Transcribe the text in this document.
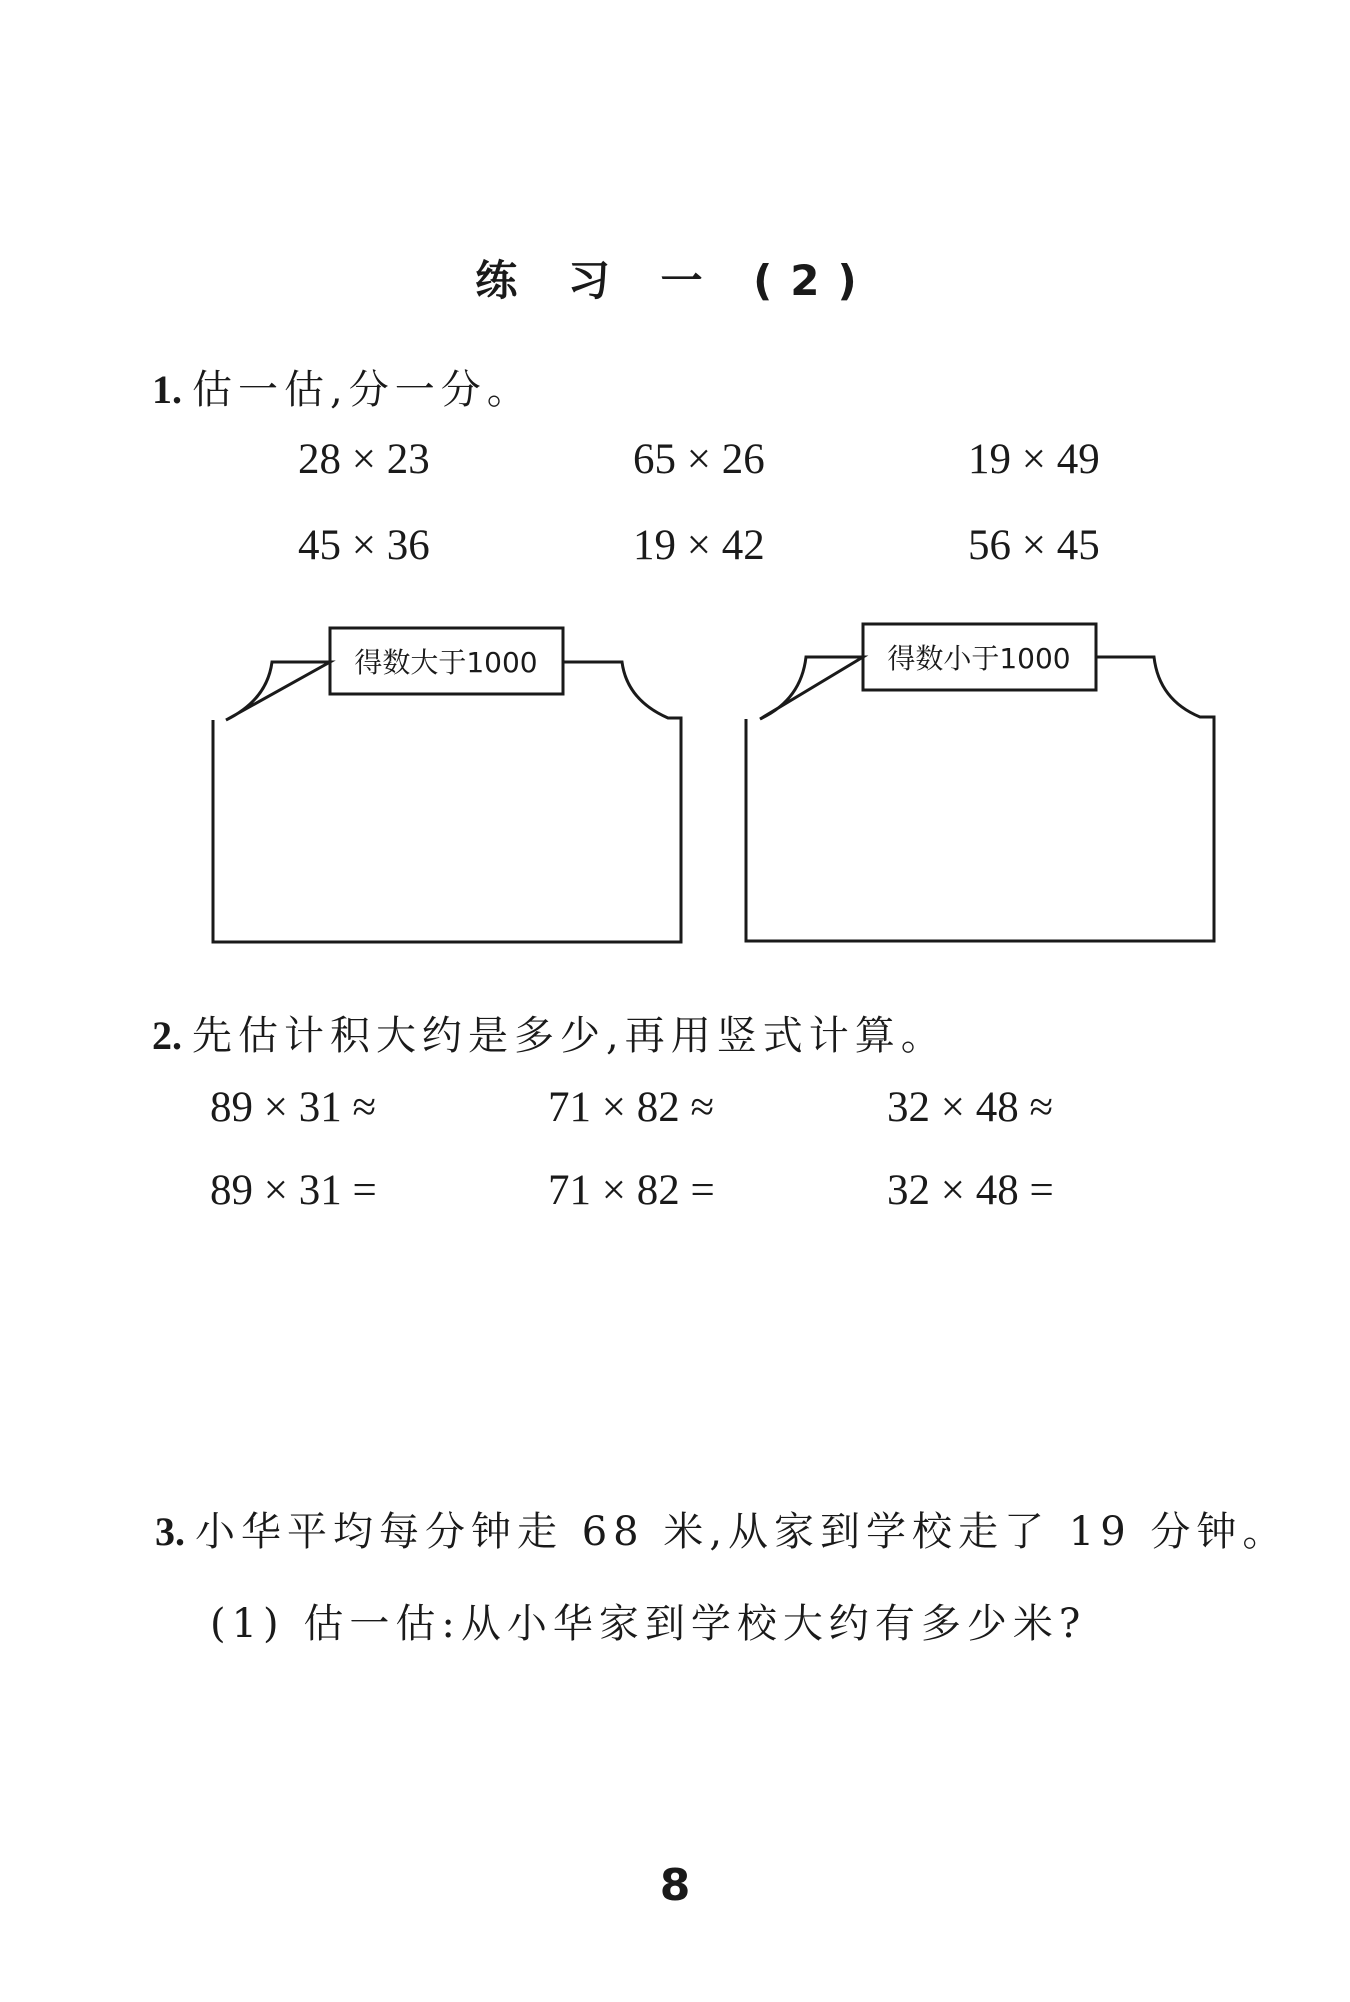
练 习 一 (2)
1. 估一估,分一分。
28 × 23	65 × 26	19 × 49
45 × 36	19 × 42	56 × 45
得数大于1000	得数小于1000
2. 先估计积大约是多少,再用竖式计算。
89 × 31 ≈	71 × 82 ≈	32 × 48 ≈
89 × 31 =	71 × 82 =	32 × 48 =
3. 小华平均每分钟走 68 米,从家到学校走了 19 分钟。
(1) 估一估:从小华家到学校大约有多少米?
8
